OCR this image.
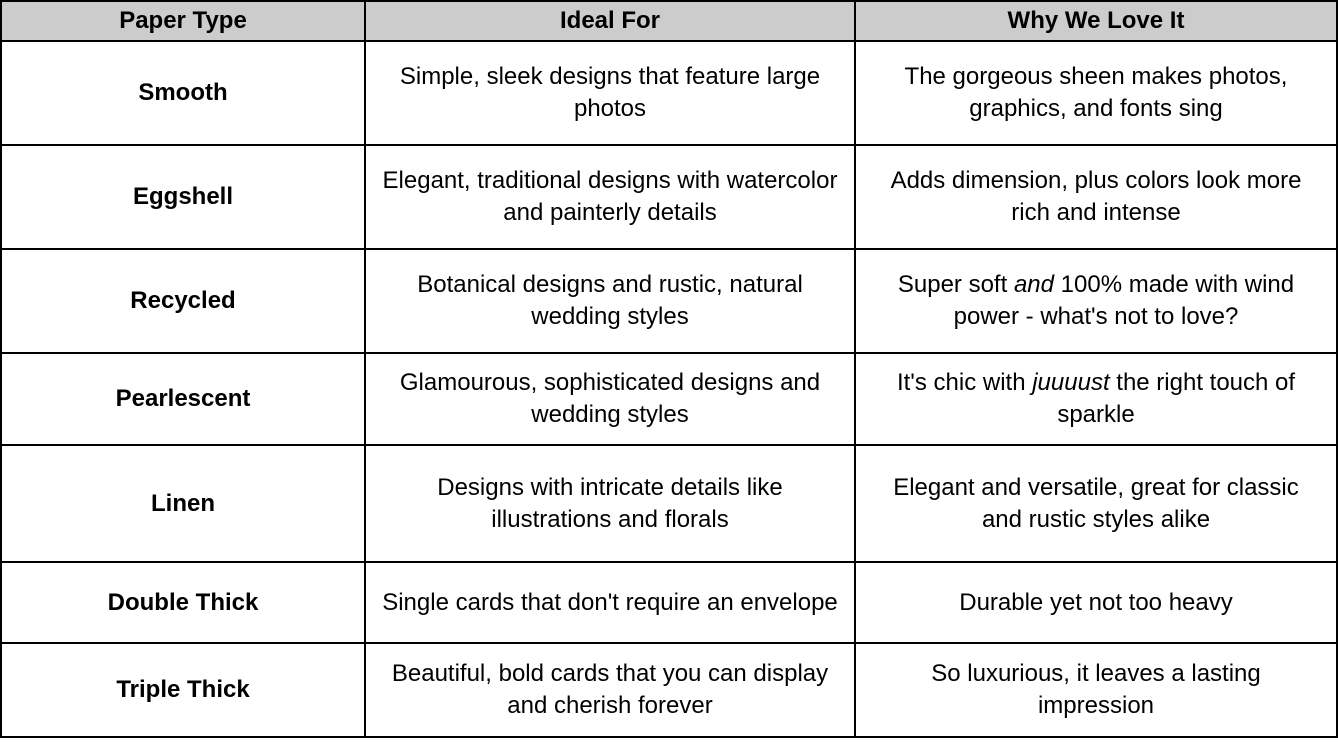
Paper Type	Ideal For	Why We Love It
Smooth	Simple, sleek designs that feature large photos	The gorgeous sheen makes photos, graphics, and fonts sing
Eggshell	Elegant, traditional designs with watercolor and painterly details	Adds dimension, plus colors look more rich and intense
Recycled	Botanical designs and rustic, natural wedding styles	Super soft and 100% made with wind power - what's not to love?
Pearlescent	Glamourous, sophisticated designs and wedding styles	It's chic with juuuust the right touch of sparkle
Linen	Designs with intricate details like illustrations and florals	Elegant and versatile, great for classic and rustic styles alike
Double Thick	Single cards that don't require an envelope	Durable yet not too heavy
Triple Thick	Beautiful, bold cards that you can display and cherish forever	So luxurious, it leaves a lasting impression
